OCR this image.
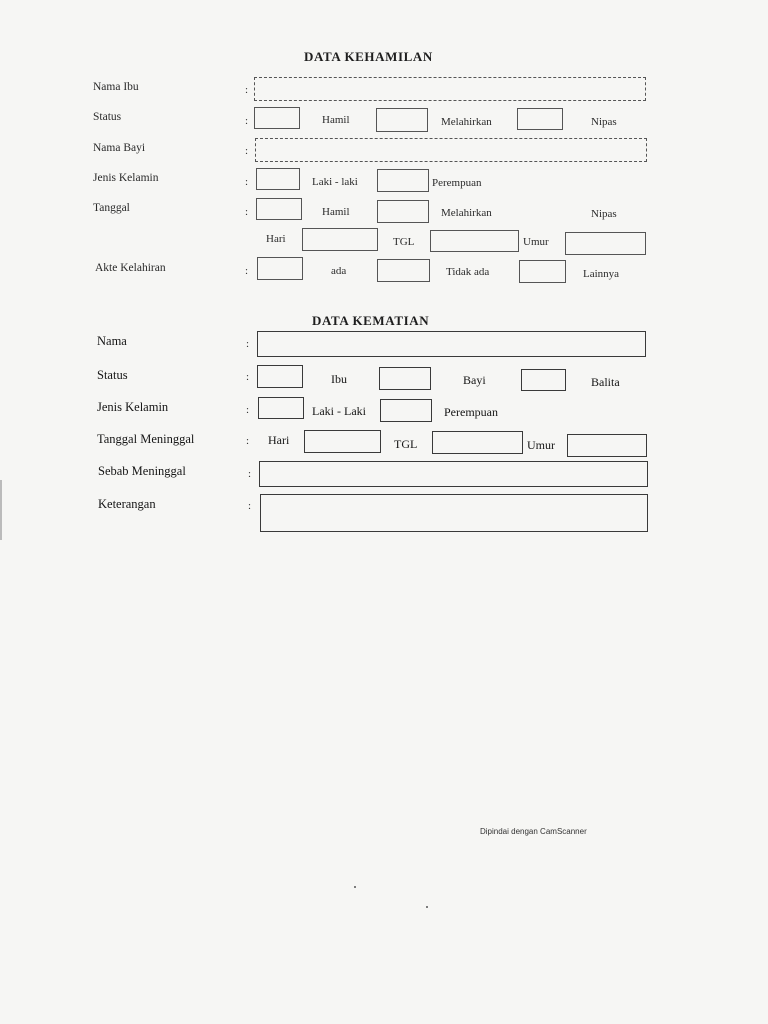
DATA KEHAMILAN
Nama Ibu	:
Status	:	Hamil	Melahirkan	Nipas
Nama Bayi	:
Jenis Kelamin	:	Laki - laki	Perempuan
Tanggal	:	Hamil	Melahirkan	Nipas
Hari	TGL	Umur
Akte Kelahiran	:	ada	Tidak ada	Lainnya
DATA KEMATIAN
Nama	:
Status	:	Ibu	Bayi	Balita
Jenis Kelamin	:	Laki - Laki	Perempuan
Tanggal Meninggal	: Hari	TGL	Umur
Sebab Meninggal	:
Keterangan	:
Dipindai dengan CamScanner
